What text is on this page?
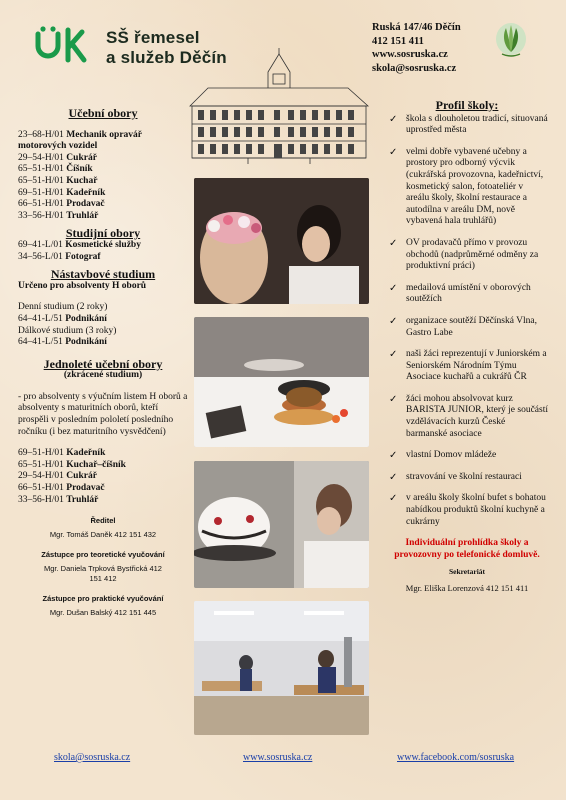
SŠ řemesel
a služeb Děčín
Ruská 147/46 Děčín
412 151 411
www.sosruska.cz
skola@sosruska.cz
Učební obory
23–68-H/01 Mechanik opravář motorových vozidel
29–54-H/01 Cukrář
65–51-H/01 Číšník
65–51-H/01 Kuchař
69–51-H/01 Kadeřník
66–51-H/01 Prodavač
33–56-H/01 Truhlář
Studijní obory
69–41-L/01 Kosmetické služby
34–56-L/01 Fotograf
Nástavbové studium
Určeno pro absolventy H oborů
Denní studium (2 roky)
64–41-L/51 Podnikání
Dálkové studium (3 roky)
64–41-L/51 Podnikání
Jednoleté učební obory
(zkrácené studium)
- pro absolventy s výučním listem H oborů a absolventy s maturitních oborů, kteří prospěli v posledním pololetí posledního ročníku (i bez maturitního vysvědčení)
69–51-H/01 Kadeřník
65–51-H/01 Kuchař–číšník
29–54-H/01 Cukrář
66–51-H/01 Prodavač
33–56-H/01 Truhlář
Ředitel
Mgr. Tomáš Daněk 412 151 432
Zástupce pro teoretické vyučování
Mgr. Daniela Trpková Bystřická 412 151 412
Zástupce pro praktické vyučování
Mgr. Dušan Balský 412 151 445
Profil školy:
✓ škola s dlouholetou tradicí, situovaná uprostřed města
✓ velmi dobře vybavené učebny a prostory pro odborný výcvik (cukrářská provozovna, kadeřnictví, kosmetický salon, fotoateliér v areálu školy, školní restaurace a autodílna v areálu DM, nově vybavená hala truhlářů)
✓ OV prodavačů přímo v provozu obchodů (nadprůměrné odměny za produktivní práci)
✓ medailová umístění v oborových soutěžích
✓ organizace soutěží Děčínská Vlna, Gastro Labe
✓ naši žáci reprezentují v Juniorském a Seniorském Národním Týmu Asociace kuchařů a cukrářů ČR
✓ žáci mohou absolvovat kurz BARISTA JUNIOR, který je součástí vzdělávacích kurzů České barmanské asociace
✓ vlastní Domov mládeže
✓ stravování ve školní restauraci
✓ v areálu školy školní bufet s bohatou nabídkou produktů školní kuchyně a cukrárny
Individuální prohlídka školy a provozovny po telefonické domluvě.
Sekretariát
Mgr. Eliška Lorenzová 412 151 411
skola@sosruska.cz	www.sosruska.cz	www.facebook.com/sosruska
